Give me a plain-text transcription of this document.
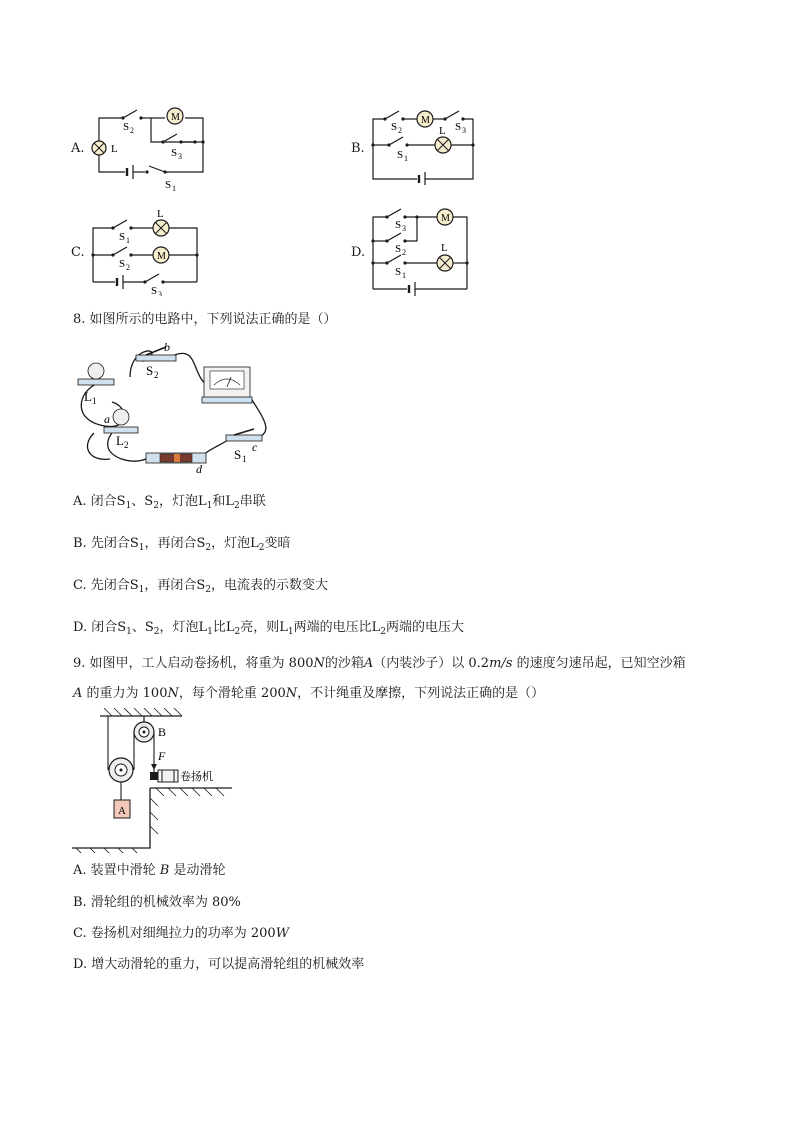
A.
M
L
S 2
S 3
S 1
B.
M
L
S 2	S 3
S 1
C.	M
L
S 1
S 2
S 3
D.
M
L
S 3
S 2
S 1
8. 如图所示的电路中，下列说法正确的是（）
b
S 2
L 1
a
L 2
d
S 1
c
A. 闭合$S_1$、$S_2$，灯泡$L_1$和$L_2$串联
B. 先闭合$S_1$，再闭合$S_2$，灯泡$L_2$变暗
C. 先闭合$S_1$，再闭合$S_2$，电流表的示数变大
D. 闭合$S_1$、$S_2$，灯泡$L_1$比$L_2$亮，则$L_1$两端的电压比$L_2$两端的电压大
9. 如图甲，工人启动卷扬机，将重为 800N的沙箱A（内装沙子）以 0.2m/s 的速度匀速吊起，已知空沙箱
A 的重力为 100N，每个滑轮重 200N，不计绳重及摩擦，下列说法正确的是（）
B
F
A
卷扬机
A. 装置中滑轮 B 是动滑轮
B. 滑轮组的机械效率为 80%
C. 卷扬机对细绳拉力的功率为 200W
D. 增大动滑轮的重力，可以提高滑轮组的机械效率
